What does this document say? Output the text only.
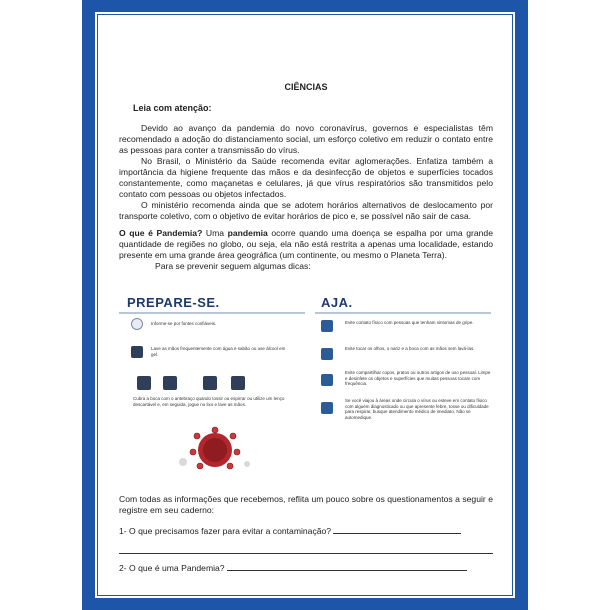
CIÊNCIAS
Leia com atenção:

Devido ao avanço da pandemia do novo coronavírus, governos e especialistas têm recomendado a adoção do distanciamento social, um esforço coletivo em reduzir o contato entre as pessoas para conter a transmissão do vírus.

No Brasil, o Ministério da Saúde recomenda evitar aglomerações. Enfatiza também a importância da higiene frequente das mãos e da desinfecção de objetos e superfícies tocados constantemente, como maçanetas e celulares, já que vírus respiratórios são transmitidos pelo contato com pessoas ou objetos infectados.

O ministério recomenda ainda que se adotem horários alternativos de deslocamento por transporte coletivo, com o objetivo de evitar horários de pico e, se possível não sair de casa.

O que é Pandemia? Uma pandemia ocorre quando uma doença se espalha por uma grande quantidade de regiões no globo, ou seja, ela não está restrita a apenas uma localidade, estando presente em uma grande área geográfica (um continente, ou mesmo o Planeta Terra).

Para se prevenir seguem algumas dicas:

PREPARE-SE.
Informe-se por fontes confiáveis.
Lave as mãos frequentemente com água e sabão ou use álcool em gel.
Cubra a boca com o antebraço quando tossir ou espirrar ou utilize um lenço descartável e, em seguida, jogue no lixo e lave as mãos.
AJA.
Evite contato físico com pessoas que tenham sintomas de gripe.
Evite tocar os olhos, o nariz e a boca com as mãos sem lavá-las.
Evite compartilhar copos, pratos ou outros artigos de uso pessoal. Limpe e desinfete os objetos e superfícies que muitas pessoas tocam com frequência.
Se você viajou à áreas onde circula o vírus ou esteve em contato físico com alguém diagnosticado ou que apresente febre, tosse ou dificuldade para respirar, busque atendimento médico de imediato. Não se automedique.

Com todas as informações que recebemos, reflita um pouco sobre os questionamentos a seguir e registre em seu caderno:

1- O que precisamos fazer para evitar a contaminação?
2- O que é uma Pandemia?
